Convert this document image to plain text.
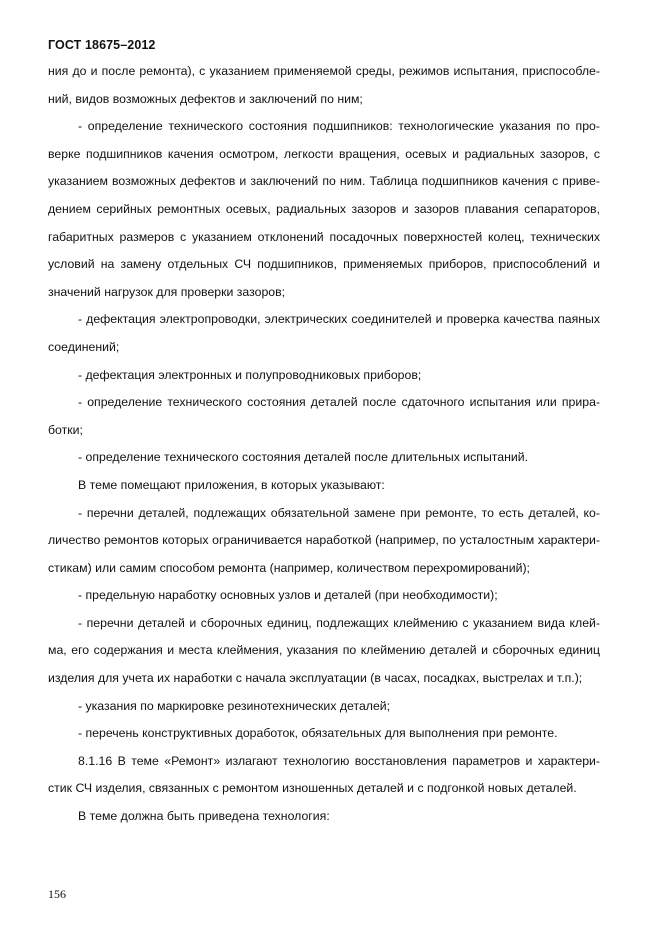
ГОСТ 18675–2012
ния до и после ремонта), с указанием применяемой среды, режимов испытания, приспособле-
ний, видов возможных дефектов и заключений по ним;
- определение технического состояния подшипников: технологические указания по про-
верке подшипников качения осмотром, легкости вращения, осевых и радиальных зазоров, с
указанием возможных дефектов и заключений по ним. Таблица подшипников качения с приве-
дением серийных ремонтных осевых, радиальных зазоров и зазоров плавания сепараторов,
габаритных размеров с указанием отклонений посадочных поверхностей колец, технических
условий на замену отдельных СЧ подшипников, применяемых приборов, приспособлений и
значений нагрузок для проверки зазоров;
- дефектация электропроводки, электрических соединителей и проверка качества паяных
соединений;
- дефектация электронных и полупроводниковых приборов;
- определение технического состояния деталей после сдаточного испытания или прира-
ботки;
- определение технического состояния деталей после длительных испытаний.
В теме помещают приложения, в которых указывают:
- перечни деталей, подлежащих обязательной замене при ремонте, то есть деталей, ко-
личество ремонтов которых ограничивается наработкой (например, по усталостным характери-
стикам) или самим способом ремонта (например, количеством перехромирований);
- предельную наработку основных узлов и деталей (при необходимости);
- перечни деталей и сборочных единиц, подлежащих клеймению с указанием вида клей-
ма, его содержания и места клеймения, указания по клеймению деталей и сборочных единиц
изделия для учета их наработки с начала эксплуатации (в часах, посадках, выстрелах и т.п.);
- указания по маркировке резинотехнических деталей;
- перечень конструктивных доработок, обязательных для выполнения при ремонте.
8.1.16 В теме «Ремонт» излагают технологию восстановления параметров и характери-
стик СЧ изделия, связанных с ремонтом изношенных деталей и с подгонкой новых деталей.
В теме должна быть приведена технология:
156
